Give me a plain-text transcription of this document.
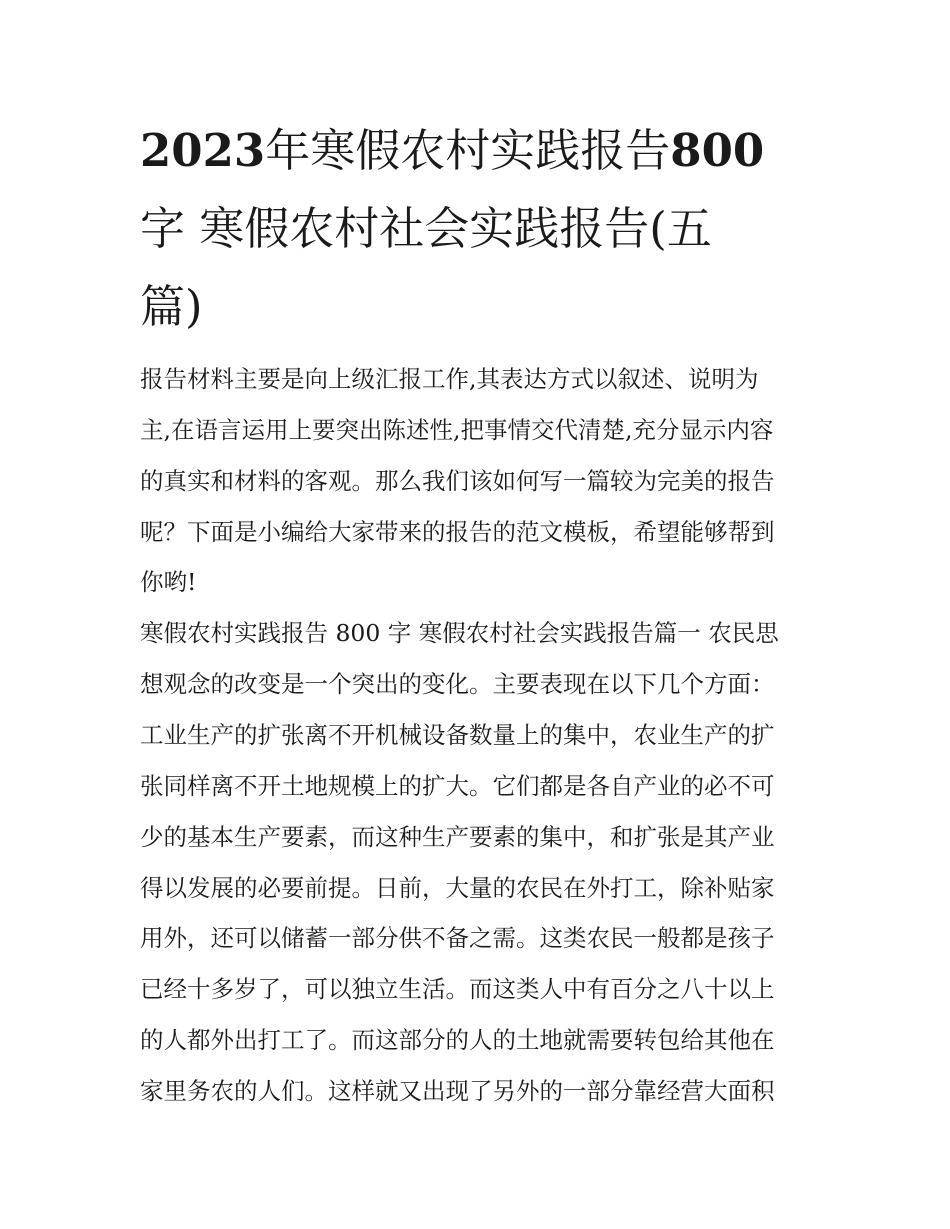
2023年寒假农村实践报告800
字 寒假农村社会实践报告(五
篇)
报告材料主要是向上级汇报工作,其表达方式以叙述、说明为
主,在语言运用上要突出陈述性,把事情交代清楚,充分显示内容
的真实和材料的客观。那么我们该如何写一篇较为完美的报告
呢？下面是小编给大家带来的报告的范文模板，希望能够帮到
你哟!
寒假农村实践报告 800 字 寒假农村社会实践报告篇一 农民思
想观念的改变是一个突出的变化。主要表现在以下几个方面：
工业生产的扩张离不开机械设备数量上的集中，农业生产的扩
张同样离不开土地规模上的扩大。它们都是各自产业的必不可
少的基本生产要素，而这种生产要素的集中，和扩张是其产业
得以发展的必要前提。日前，大量的农民在外打工，除补贴家
用外，还可以储蓄一部分供不备之需。这类农民一般都是孩子
已经十多岁了，可以独立生活。而这类人中有百分之八十以上
的人都外出打工了。而这部分的人的土地就需要转包给其他在
家里务农的人们。这样就又出现了另外的一部分靠经营大面积
